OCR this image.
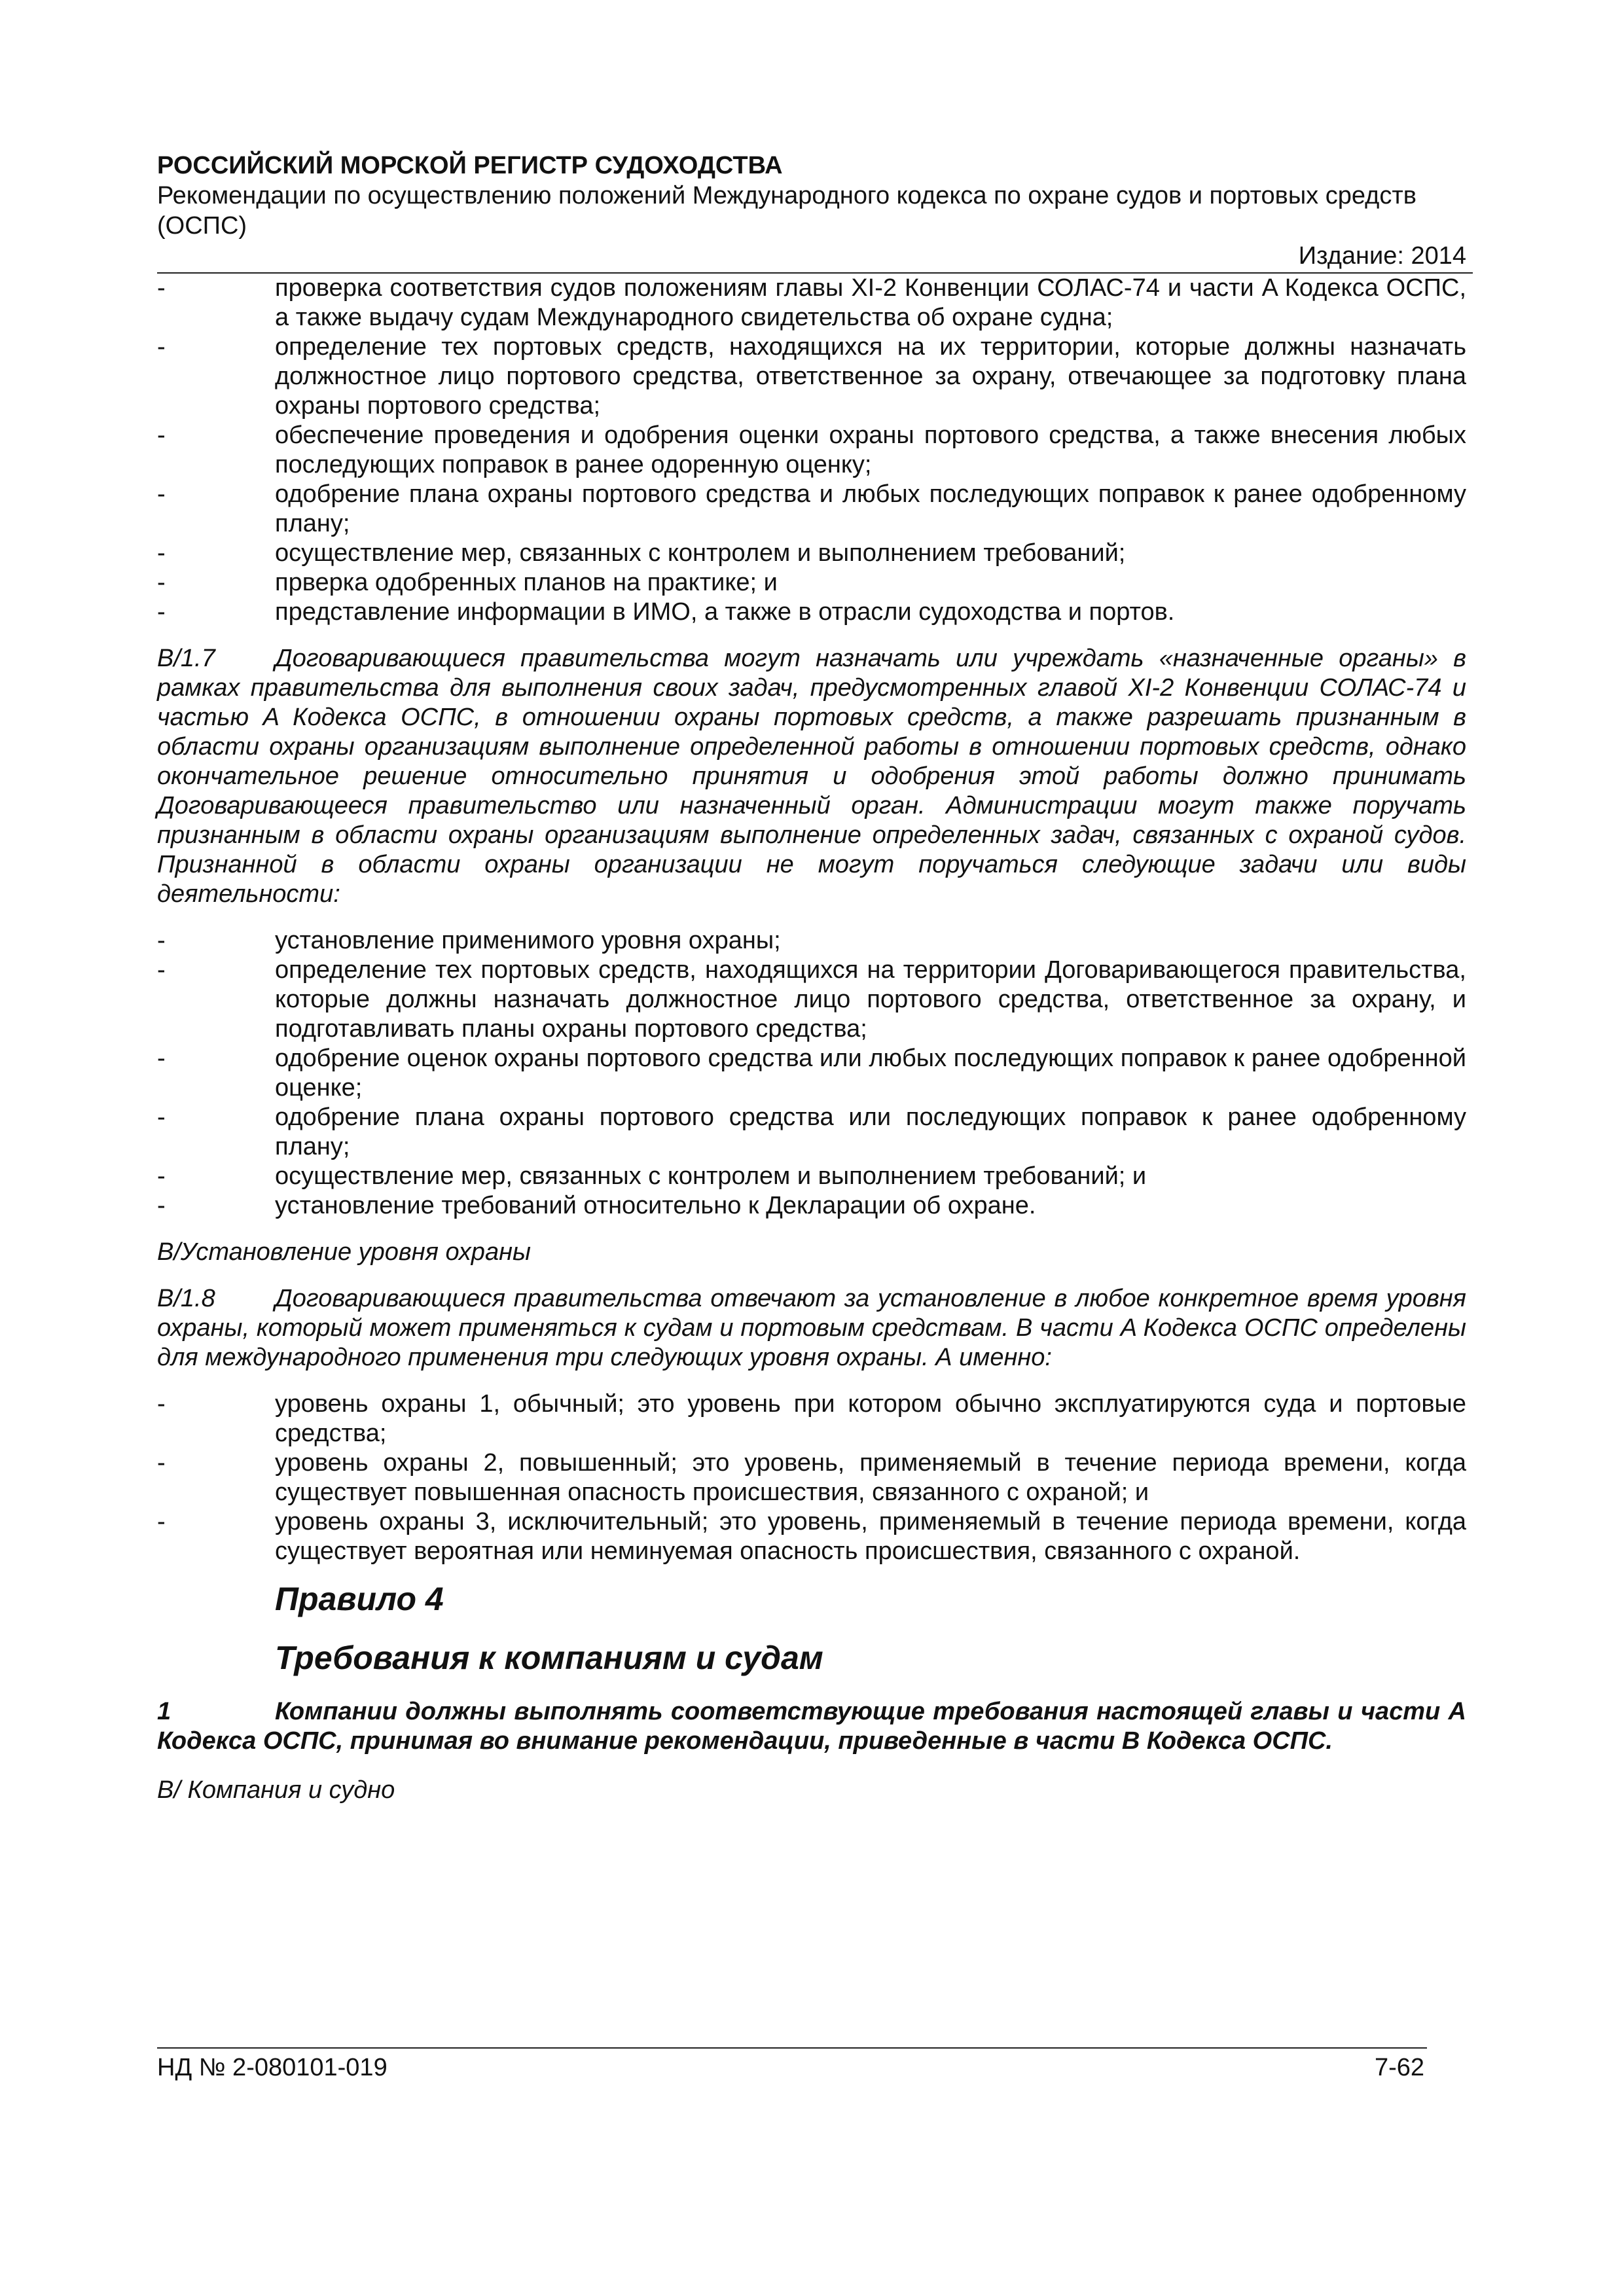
РОССИЙСКИЙ МОРСКОЙ РЕГИСТР СУДОХОДСТВА
Рекомендации по осуществлению положений Международного кодекса по охране судов и портовых средств (ОСПС)
Издание: 2014
-	проверка соответствия судов положениям главы XI-2 Конвенции СОЛАС-74 и части A Кодекса ОСПС, а также выдачу судам Международного свидетельства об охране судна;
-	определение тех портовых средств, находящихся на их территории, которые должны назначать должностное лицо портового средства, ответственное за охрану, отвечающее за подготовку плана охраны портового средства;
-	обеспечение проведения и одобрения оценки охраны портового средства, а также внесения любых последующих поправок в ранее одоренную оценку;
-	одобрение плана охраны портового средства и любых последующих поправок к ранее одобренному плану;
-	осуществление мер, связанных с контролем и выполнением требований;
-	прверка одобренных планов на практике; и
-	представление информации в ИМО, а также в отрасли судоходства и портов.

B/1.7 Договаривающиеся правительства могут назначать или учреждать «назначенные органы» в рамках правительства для выполнения своих задач, предусмотренных главой XI-2 Конвенции СОЛАС-74 и частью A Кодекса ОСПС, в отношении охраны портовых средств, а также разрешать признанным в области охраны организациям выполнение определенной работы в отношении портовых средств, однако окончательное решение относительно принятия и одобрения этой работы должно принимать Договаривающееся правительство или назначенный орган. Администрации могут также поручать признанным в области охраны организациям выполнение определенных задач, связанных с охраной судов. Признанной в области охраны организации не могут поручаться следующие задачи или виды деятельности:

-	установление применимого уровня охраны;
-	определение тех портовых средств, находящихся на территории Договаривающегося правительства, которые должны назначать должностное лицо портового средства, ответственное за охрану, и подготавливать планы охраны портового средства;
-	одобрение оценок охраны портового средства или любых последующих поправок к ранее одобренной оценке;
-	одобрение плана охраны портового средства или последующих поправок к ранее одобренному плану;
-	осуществление мер, связанных с контролем и выполнением требований; и
-	установление требований относительно к Декларации об охране.

B/Установление уровня охраны

B/1.8 Договаривающиеся правительства отвечают за установление в любое конкретное время уровня охраны, который может применяться к судам и портовым средствам. В части A Кодекса ОСПС определены для международного применения три следующих уровня охраны. А именно:

-	уровень охраны 1, обычный; это уровень при котором обычно эксплуатируются суда и портовые средства;
-	уровень охраны 2, повышенный; это уровень, применяемый в течение периода времени, когда существует повышенная опасность происшествия, связанного с охраной; и
-	уровень охраны 3, исключительный; это уровень, применяемый в течение периода времени, когда существует вероятная или неминуемая опасность происшествия, связанного с охраной.
Правило 4
Требования к компаниям и судам

1	Компании должны выполнять соответствующие требования настоящей главы и части A Кодекса ОСПС, принимая во внимание рекомендации, приведенные в части B Кодекса ОСПС.

B/ Компания и судно

НД № 2-080101-019	7-62
